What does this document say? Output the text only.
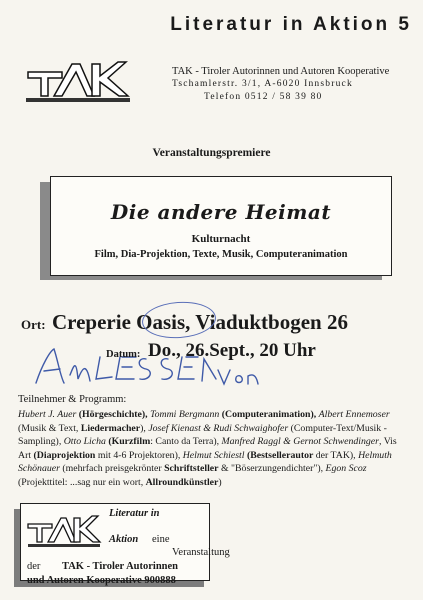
Literatur in Aktion 5
TAK - Tiroler Autorinnen und Autoren Kooperative
Tschamlerstr. 3/1, A-6020 Innsbruck
Telefon 0512 / 58 39 80
Veranstaltungspremiere
Die andere Heimat
Kulturnacht
Film, Dia-Projektion, Texte, Musik, Computeranimation
Ort: Creperie Oasis, Viaduktbogen 26
Datum: Do., 26.Sept., 20 Uhr
Teilnehmer & Programm:
Hubert J. Auer (Hörgeschichte), Tommi Bergmann (Computeranimation), Albert Ennemoser (Musik & Text, Liedermacher), Josef Kienast & Rudi Schwaighofer (Computer-Text/Musik - Sampling), Otto Licha (Kurzfilm: Canto da Terra), Manfred Raggl & Gernot Schwendinger, Vis Art (Diaprojektion mit 4-6 Projektoren), Helmut Schiestl (Bestsellerautor der TAK), Helmuth Schönauer (mehrfach preisgekrönter Schriftsteller & "Böserzungendichter"), Egon Scoz (Projekttitel: ...sag nur ein wort, Allroundkünstler)
Literatur in
Aktion eine
Veranstaltung
der TAK - Tiroler Autorinnen
und Autoren Kooperative 900888
